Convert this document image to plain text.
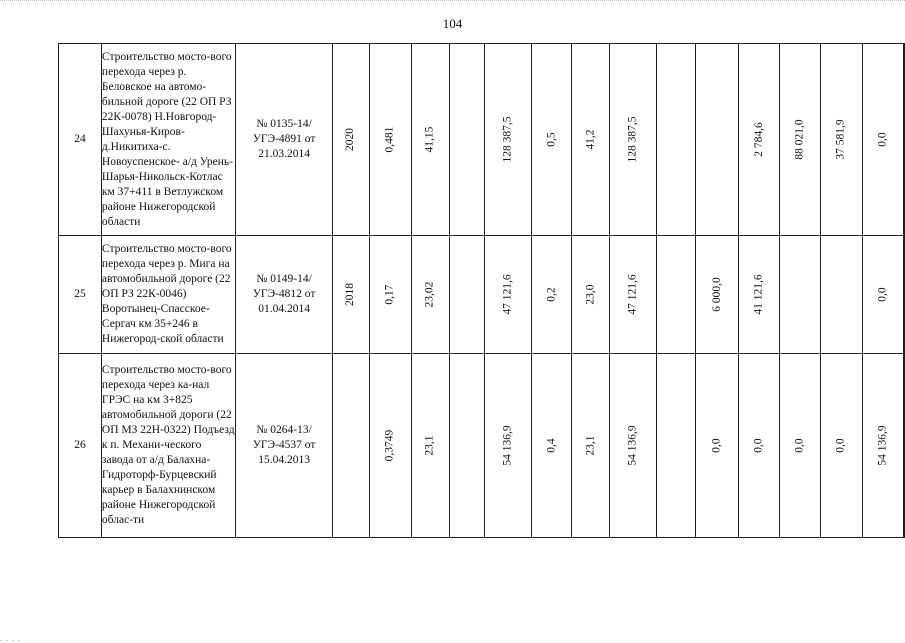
104
24	Строительство мосто-вого перехода через р. Беловское на автомо-бильной дороге (22 ОП РЗ 22К-0078) Н.Новгород-Шахунья-Киров-д.Никитиха-с. Новоуспенское- а/д Урень-Шарья-Никольск-Котлас км 37+411 в Ветлужском районе Нижегородской области	№ 0135-14/УГЭ-4891 от 21.03.2014	2020	0,481	41,15		128 387,5	0,5	41,2	128 387,5			2 784,6	88 021,0	37 581,9	0,0	
25	Строительство мосто-вого перехода через р. Мига на автомобильной дороге (22 ОП РЗ 22К-0046) Воротынец-Спасское-Сергач км 35+246 в Нижегород-ской области	№ 0149-14/УГЭ-4812 от 01.04.2014	2018	0,17	23,02		47 121,6	0,2	23,0	47 121,6		6 000,0	41 121,6			0,0	
26	Строительство мосто-вого перехода через ка-нал ГРЭС на км 3+825 автомобильной дороги (22 ОП МЗ 22Н-0322) Подъезд к п. Механи-ческого завода от а/д Балахна-Гидроторф-Бурцевский карьер в Балахнинском районе Нижегородской облас-ти	№ 0264-13/УГЭ-4537 от 15.04.2013		0,3749	23,1		54 136,9	0,4	23,1	54 136,9		0,0	0,0	0,0	0,0	54 136,9	
. . . .
